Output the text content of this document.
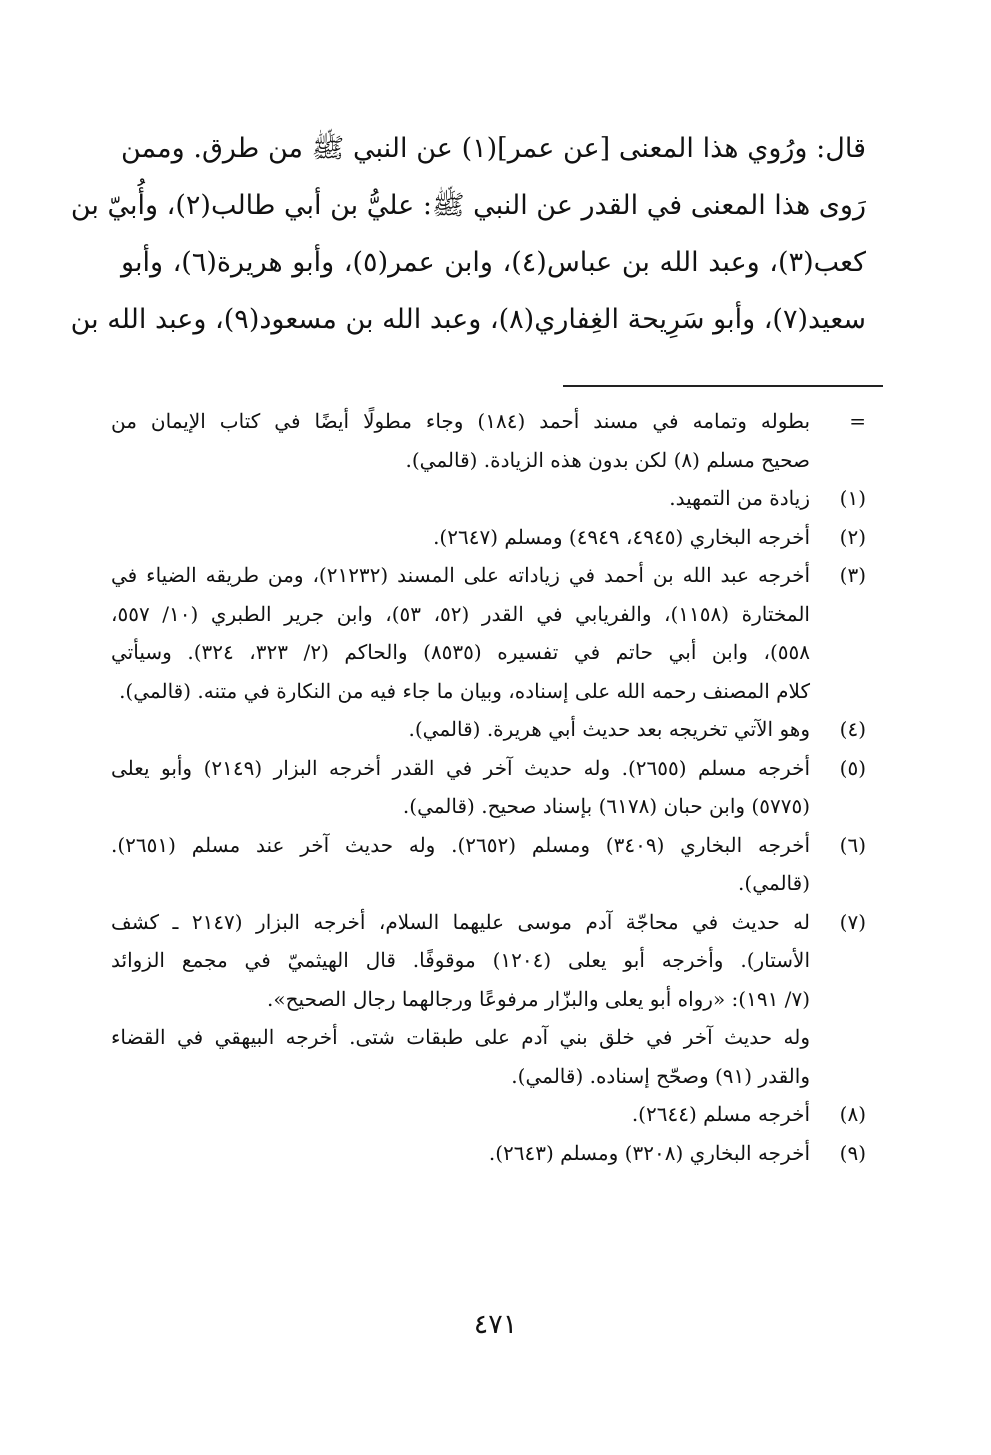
قال: ورُوي هذا المعنى [عن عمر](١) عن النبي ﷺ من طرق. وممن
رَوى هذا المعنى في القدر عن النبي ﷺ: عليُّ بن أبي طالب(٢)، وأُبيّ بن
كعب(٣)، وعبد الله بن عباس(٤)، وابن عمر(٥)، وأبو هريرة(٦)، وأبو
سعيد(٧)، وأبو سَرِيحة الغِفاري(٨)، وعبد الله بن مسعود(٩)، وعبد الله بن
=
بطوله وتمامه في مسند أحمد (١٨٤) وجاء مطولًا أيضًا في كتاب الإيمان من
صحيح مسلم (٨) لكن بدون هذه الزيادة. (قالمي).
(١)
زيادة من التمهيد.
(٢)
أخرجه البخاري (٤٩٤٥، ٤٩٤٩) ومسلم (٢٦٤٧).
(٣)
أخرجه عبد الله بن أحمد في زياداته على المسند (٢١٢٣٢)، ومن طريقه الضياء في
المختارة (١١٥٨)، والفريابي في القدر (٥٢، ٥٣)، وابن جرير الطبري (١٠/ ٥٥٧،
٥٥٨)، وابن أبي حاتم في تفسيره (٨٥٣٥) والحاكم (٢/ ٣٢٣، ٣٢٤). وسيأتي
كلام المصنف رحمه الله على إسناده، وبيان ما جاء فيه من النكارة في متنه. (قالمي).
(٤)
وهو الآتي تخريجه بعد حديث أبي هريرة. (قالمي).
(٥)
أخرجه مسلم (٢٦٥٥). وله حديث آخر في القدر أخرجه البزار (٢١٤٩) وأبو يعلى
(٥٧٧٥) وابن حبان (٦١٧٨) بإسناد صحيح. (قالمي).
(٦)
أخرجه البخاري (٣٤٠٩) ومسلم (٢٦٥٢). وله حديث آخر عند مسلم (٢٦٥١).
(قالمي).
(٧)
له حديث في محاجّة آدم موسى عليهما السلام، أخرجه البزار (٢١٤٧ ـ كشف
الأستار). وأخرجه أبو يعلى (١٢٠٤) موقوفًا. قال الهيثميّ في مجمع الزوائد
(٧/ ١٩١): «رواه أبو يعلى والبزّار مرفوعًا ورجالهما رجال الصحيح».
وله حديث آخر في خلق بني آدم على طبقات شتى. أخرجه البيهقي في القضاء
والقدر (٩١) وصحّح إسناده. (قالمي).
(٨)
أخرجه مسلم (٢٦٤٤).
(٩)
أخرجه البخاري (٣٢٠٨) ومسلم (٢٦٤٣).
٤٧١
